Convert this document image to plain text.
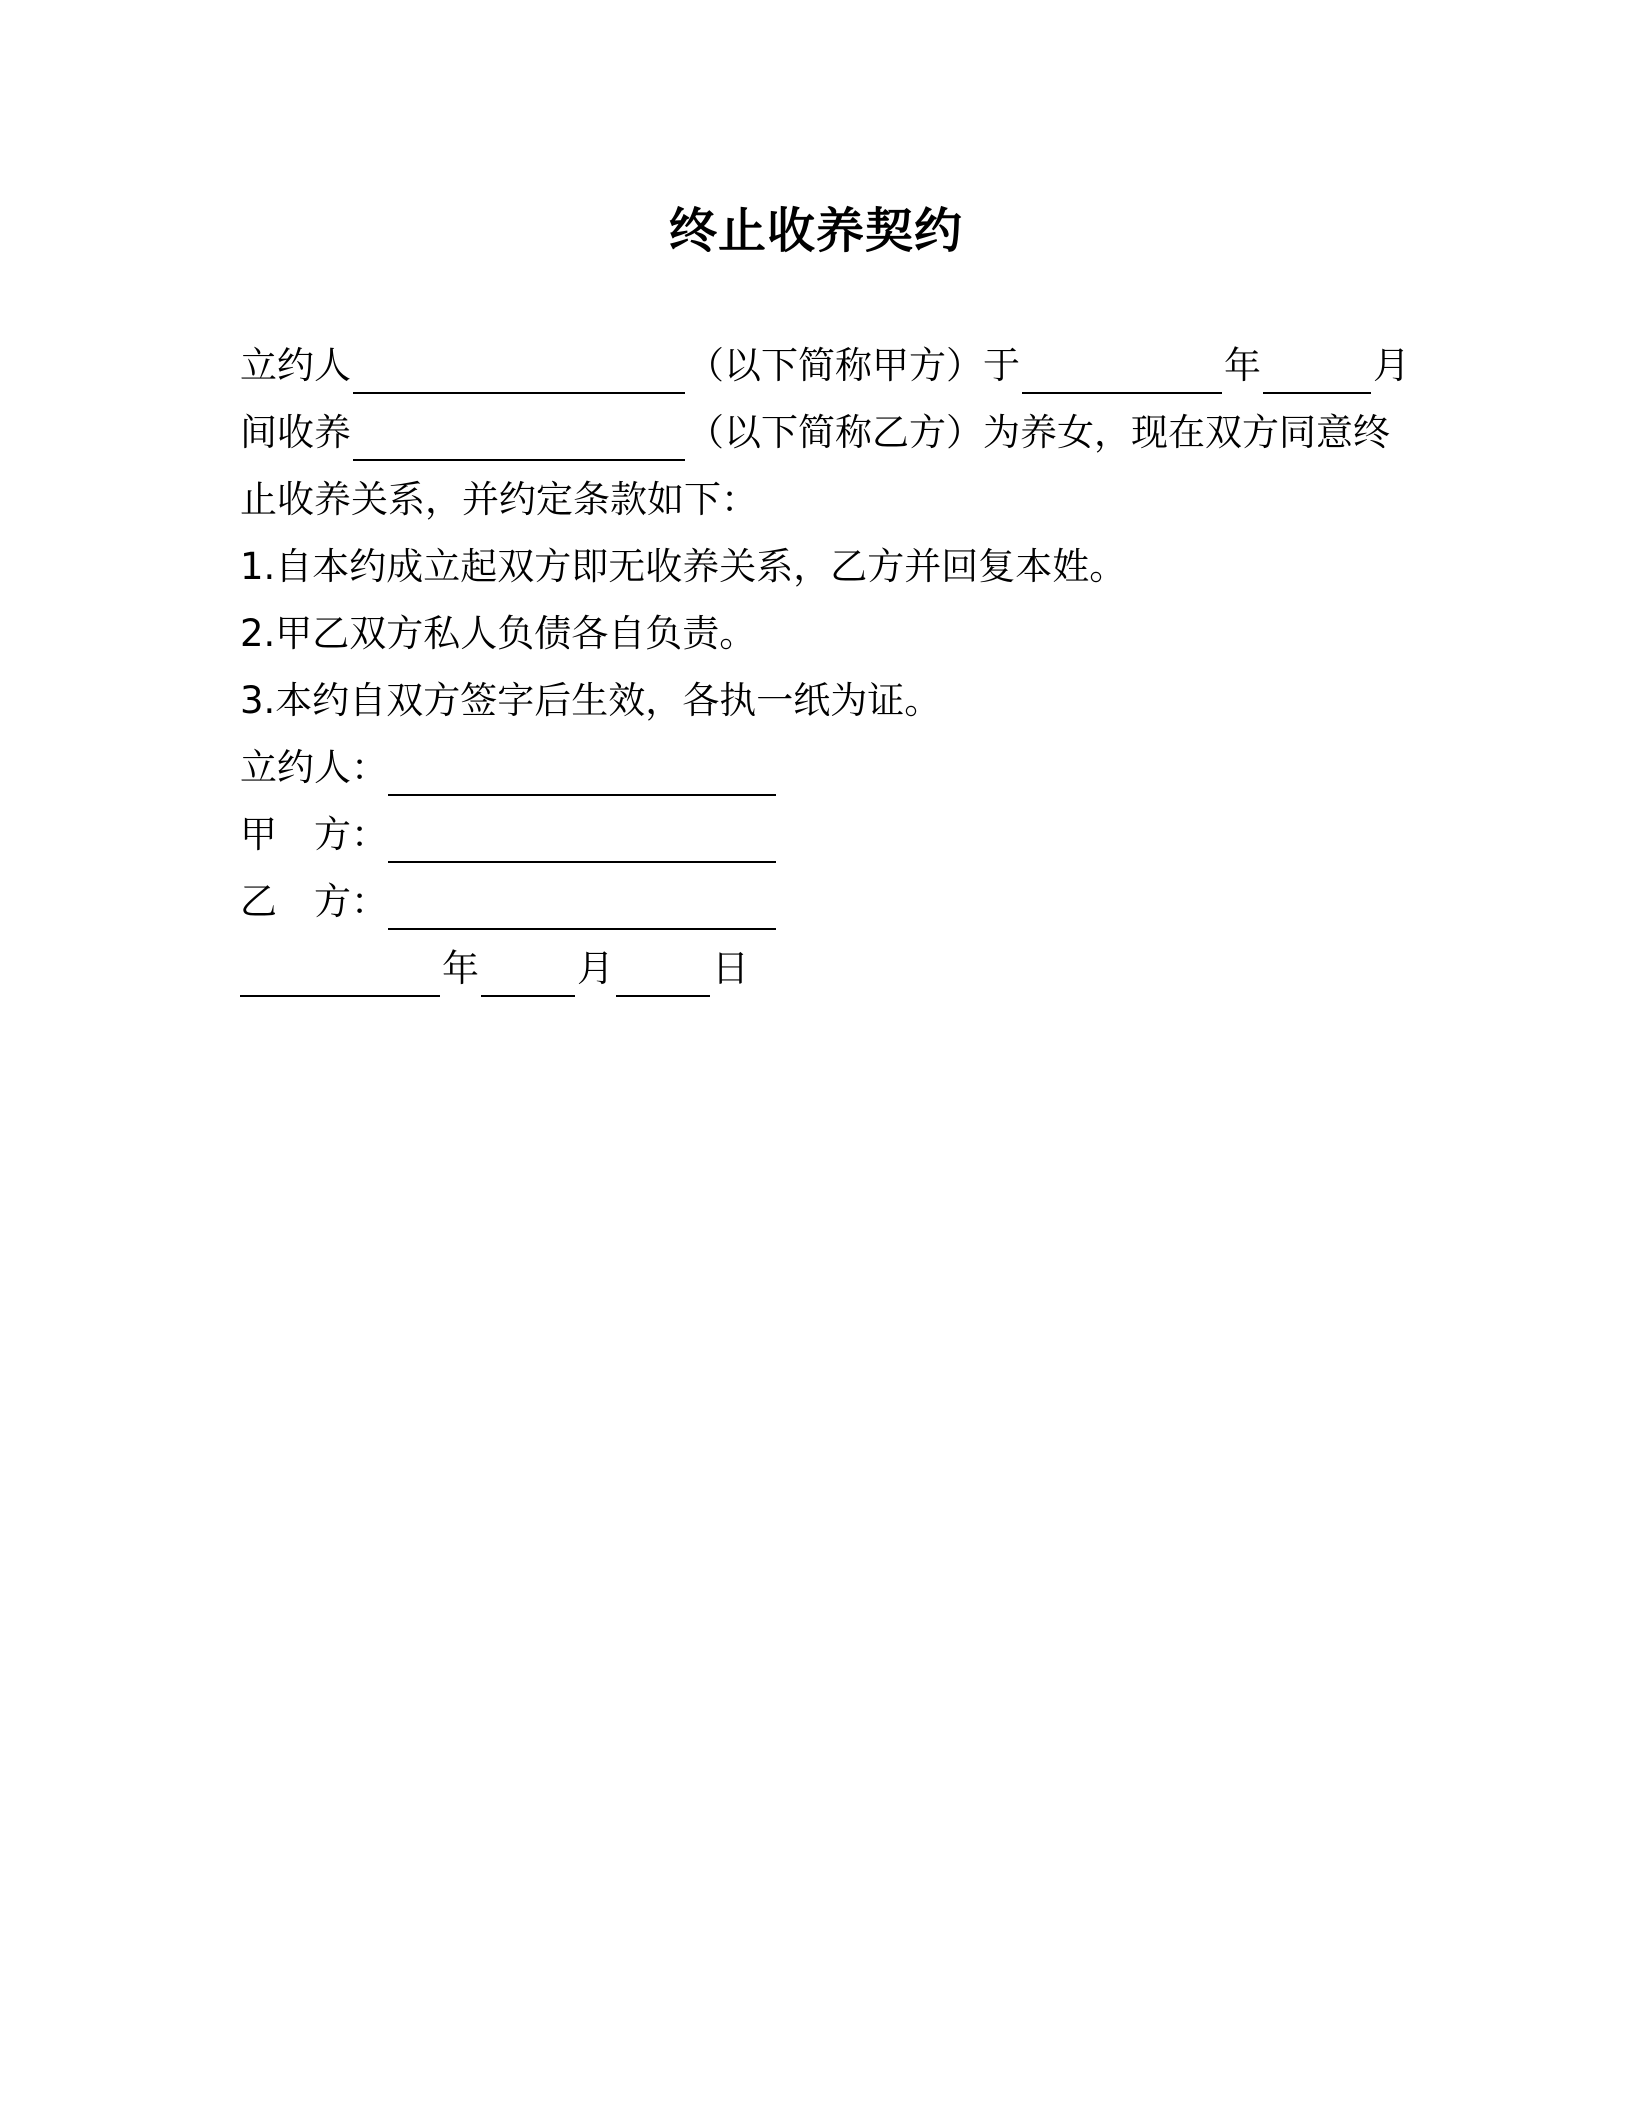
终止收养契约
立约人	（以下简称甲方）于	年	月
间收养	（以下简称乙方）为养女，现在双方同意终
止收养关系，并约定条款如下：
1.自本约成立起双方即无收养关系，乙方并回复本姓。
2.甲乙双方私人负债各自负责。
3.本约自双方签字后生效，各执一纸为证。
立约人：
甲　方：
乙　方：
年	月	日
